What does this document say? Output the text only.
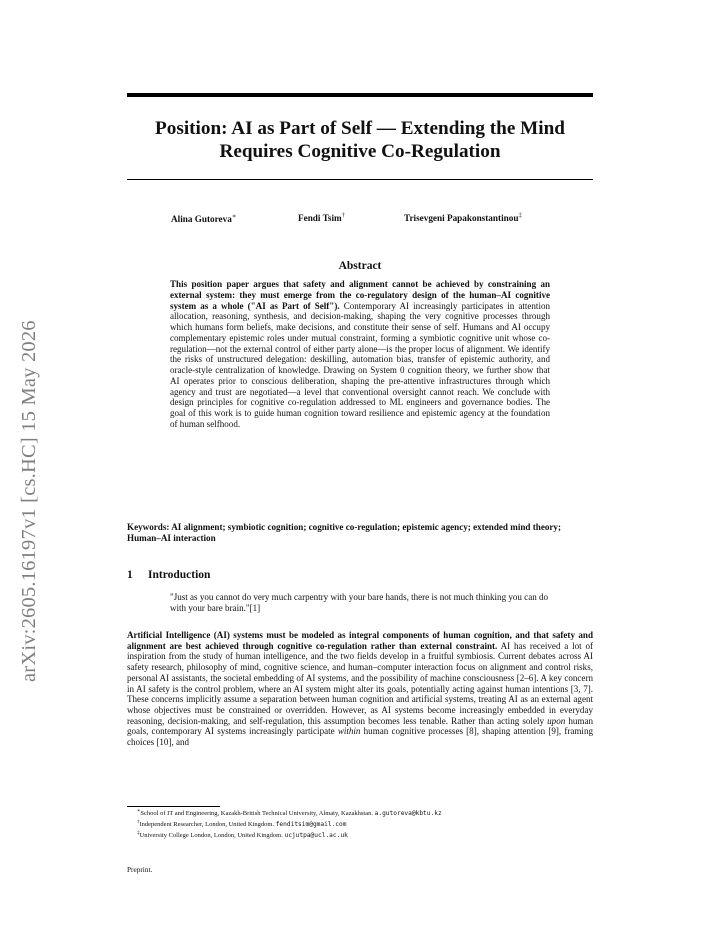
arXiv:2605.16197v1 [cs.HC] 15 May 2026
Position: AI as Part of Self — Extending the Mind
Requires Cognitive Co-Regulation
Alina Gutoreva∗	Fendi Tsim†	Trisevgeni Papakonstantinou‡
Abstract

This position paper argues that safety and alignment cannot be achieved by constraining an external system: they must emerge from the co-regulatory design of the human–AI cognitive system as a whole ("AI as Part of Self"). Contemporary AI increasingly participates in attention allocation, reasoning, synthesis, and decision-making, shaping the very cognitive processes through which humans form beliefs, make decisions, and constitute their sense of self. Humans and AI occupy complementary epistemic roles under mutual constraint, forming a symbiotic cognitive unit whose co-regulation—not the external control of either party alone—is the proper locus of alignment. We identify the risks of unstructured delegation: deskilling, automation bias, transfer of epistemic authority, and oracle-style centralization of knowledge. Drawing on System 0 cognition theory, we further show that AI operates prior to conscious deliberation, shaping the pre-attentive infrastructures through which agency and trust are negotiated—a level that conventional oversight cannot reach. We conclude with design principles for cognitive co-regulation addressed to ML engineers and governance bodies. The goal of this work is to guide human cognition toward resilience and epistemic agency at the foundation of human selfhood.

Keywords: AI alignment; symbiotic cognition; cognitive co-regulation; epistemic agency; extended mind theory; Human–AI interaction

1 Introduction

"Just as you cannot do very much carpentry with your bare hands, there is not much thinking you can do with your bare brain."[1]

Artificial Intelligence (AI) systems must be modeled as integral components of human cognition, and that safety and alignment are best achieved through cognitive co-regulation rather than external constraint. AI has received a lot of inspiration from the study of human intelligence, and the two fields develop in a fruitful symbiosis. Current debates across AI safety research, philosophy of mind, cognitive science, and human–computer interaction focus on alignment and control risks, personal AI assistants, the societal embedding of AI systems, and the possibility of machine consciousness [2–6]. A key concern in AI safety is the control problem, where an AI system might alter its goals, potentially acting against human intentions [3, 7]. These concerns implicitly assume a separation between human cognition and artificial systems, treating AI as an external agent whose objectives must be constrained or overridden. However, as AI systems become increasingly embedded in everyday reasoning, decision-making, and self-regulation, this assumption becomes less tenable. Rather than acting solely upon human goals, contemporary AI systems increasingly participate within human cognitive processes [8], shaping attention [9], framing choices [10], and

∗School of IT and Engineering, Kazakh-British Technical University, Almaty, Kazakhstan. a.gutoreva@kbtu.kz
†Independent Researcher, London, United Kingdom. fenditsim@gmail.com
‡University College London, London, United Kingdom. ucjutpa@ucl.ac.uk

Preprint.
